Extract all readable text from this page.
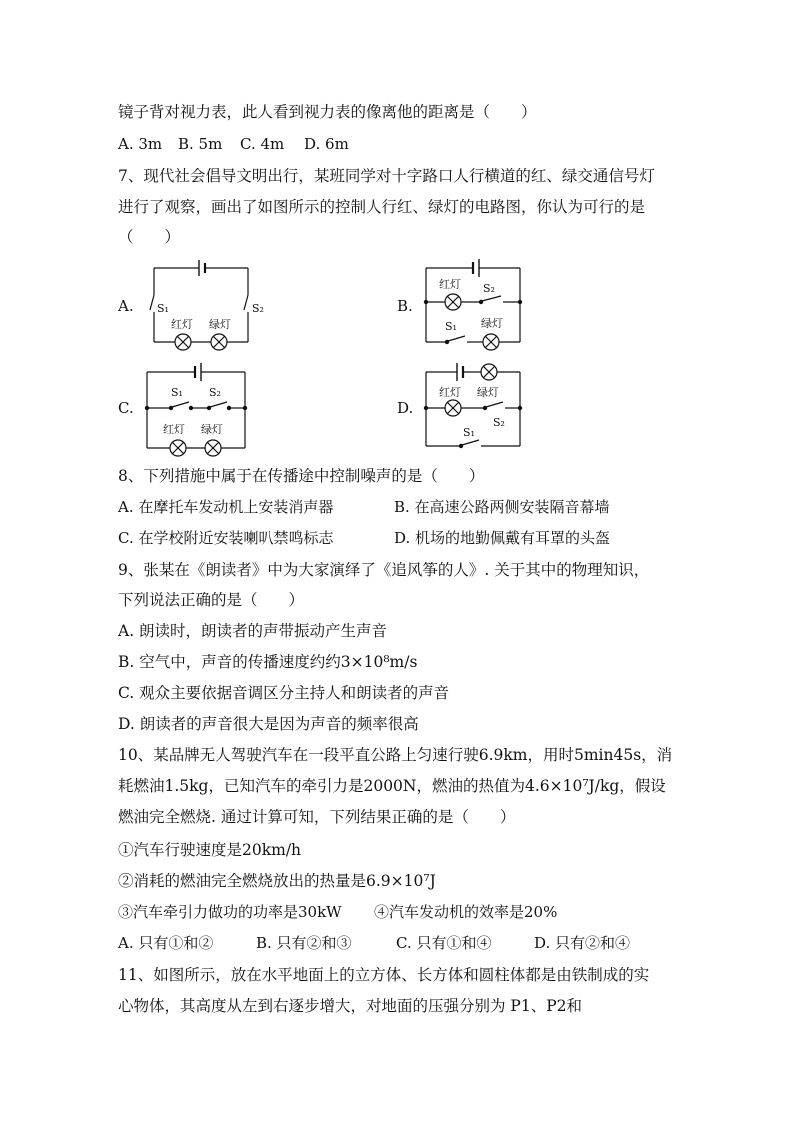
镜子背对视力表，此人看到视力表的像离他的距离是（　　）
A. 3m B. 5m C. 4m D. 6m
7、现代社会倡导文明出行，某班同学对十字路口人行横道的红、绿交通信号灯
进行了观察，画出了如图所示的控制人行红、绿灯的电路图，你认为可行的是
（　　）
A. S₁	S₂
红灯 绿灯
B.
红灯 S₂
S₁ 绿灯
C.
S₁ S₂
红灯 绿灯
D.
红灯 绿灯
S₂
S₁
8、下列措施中属于在传播途中控制噪声的是（　　）
A. 在摩托车发动机上安装消声器	B. 在高速公路两侧安装隔音幕墙
C. 在学校附近安装喇叭禁鸣标志	D. 机场的地勤佩戴有耳罩的头盔
9、张某在《朗读者》中为大家演绎了《追风筝的人》. 关于其中的物理知识，
下列说法正确的是（　　）
A. 朗读时，朗读者的声带振动产生声音
B. 空气中，声音的传播速度约约3×10⁸m/s
C. 观众主要依据音调区分主持人和朗读者的声音
D. 朗读者的声音很大是因为声音的频率很高
10、某品牌无人驾驶汽车在一段平直公路上匀速行驶6.9km，用时5min45s，消
耗燃油1.5kg，已知汽车的牵引力是2000N，燃油的热值为4.6×10⁷J/kg，假设
燃油完全燃烧. 通过计算可知，下列结果正确的是（　　）
①汽车行驶速度是20km/h
②消耗的燃油完全燃烧放出的热量是6.9×10⁷J
③汽车牵引力做功的功率是30kW ④汽车发动机的效率是20%
A. 只有①和②	B. 只有②和③	C. 只有①和④	D. 只有②和④
11、如图所示，放在水平地面上的立方体、长方体和圆柱体都是由铁制成的实
心物体，其高度从左到右逐步增大，对地面的压强分别为 P1、P2和
